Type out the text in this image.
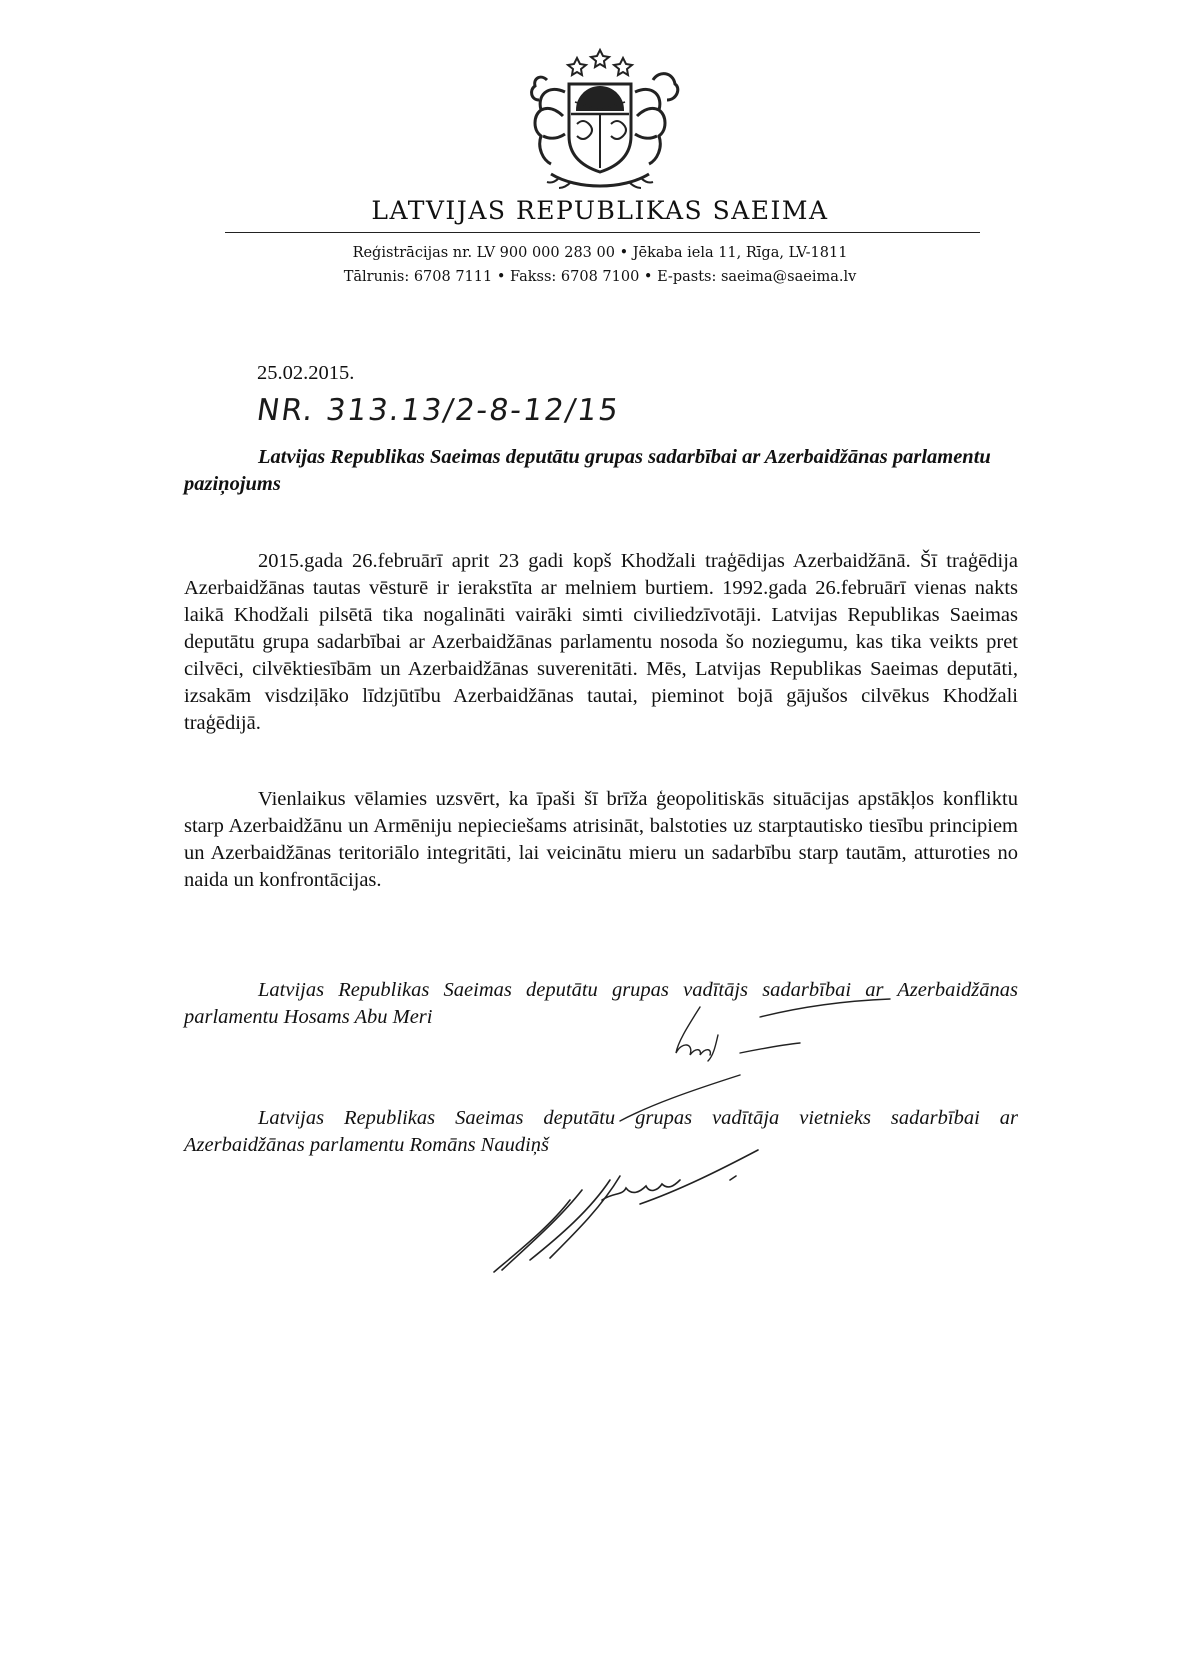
LATVIJAS REPUBLIKAS SAEIMA
Reģistrācijas nr. LV 900 000 283 00 • Jēkaba iela 11, Rīga, LV-1811
Tālrunis: 6708 7111 • Fakss: 6708 7100 • E-pasts: saeima@saeima.lv
25.02.2015.
NR. 313.13/2-8-12/15
Latvijas Republikas Saeimas deputātu grupas sadarbībai ar Azerbaidžānas parlamentu paziņojums

2015.gada 26.februārī aprit 23 gadi kopš Khodžali traģēdijas Azerbaidžānā. Šī traģēdija Azerbaidžānas tautas vēsturē ir ierakstīta ar melniem burtiem. 1992.gada 26.februārī vienas nakts laikā Khodžali pilsētā tika nogalināti vairāki simti civiliedzīvotāji. Latvijas Republikas Saeimas deputātu grupa sadarbībai ar Azerbaidžānas parlamentu nosoda šo noziegumu, kas tika veikts pret cilvēci, cilvēktiesībām un Azerbaidžānas suverenitāti. Mēs, Latvijas Republikas Saeimas deputāti, izsakām visdziļāko līdzjūtību Azerbaidžānas tautai, pieminot bojā gājušos cilvēkus Khodžali traģēdijā.

Vienlaikus vēlamies uzsvērt, ka īpaši šī brīža ģeopolitiskās situācijas apstākļos konfliktu starp Azerbaidžānu un Armēniju nepieciešams atrisināt, balstoties uz starptautisko tiesību principiem un Azerbaidžānas teritoriālo integritāti, lai veicinātu mieru un sadarbību starp tautām, atturoties no naida un konfrontācijas.

Latvijas Republikas Saeimas deputātu grupas vadītājs sadarbībai ar Azerbaidžānas parlamentu Hosams Abu Meri

Latvijas Republikas Saeimas deputātu grupas vadītāja vietnieks sadarbībai ar Azerbaidžānas parlamentu Romāns Naudiņš
